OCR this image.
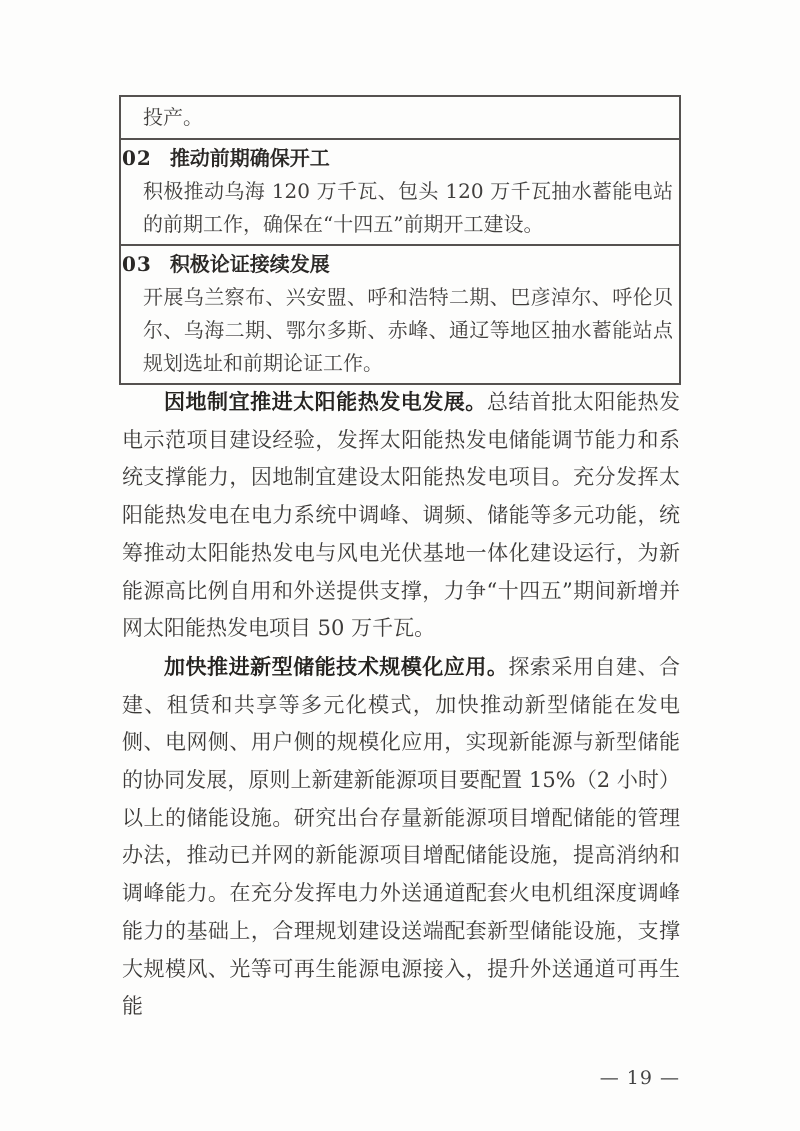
投产。

02 推动前期确保开工

积极推动乌海 120 万千瓦、包头 120 万千瓦抽水蓄能电站的前期工作，确保在“十四五”前期开工建设。

03 积极论证接续发展

开展乌兰察布、兴安盟、呼和浩特二期、巴彦淖尔、呼伦贝尔、乌海二期、鄂尔多斯、赤峰、通辽等地区抽水蓄能站点规划选址和前期论证工作。

因地制宜推进太阳能热发电发展。总结首批太阳能热发电示范项目建设经验，发挥太阳能热发电储能调节能力和系统支撑能力，因地制宜建设太阳能热发电项目。充分发挥太阳能热发电在电力系统中调峰、调频、储能等多元功能，统筹推动太阳能热发电与风电光伏基地一体化建设运行，为新能源高比例自用和外送提供支撑，力争“十四五”期间新增并网太阳能热发电项目 50 万千瓦。

加快推进新型储能技术规模化应用。探索采用自建、合建、租赁和共享等多元化模式，加快推动新型储能在发电侧、电网侧、用户侧的规模化应用，实现新能源与新型储能的协同发展，原则上新建新能源项目要配置 15%（2 小时）以上的储能设施。研究出台存量新能源项目增配储能的管理办法，推动已并网的新能源项目增配储能设施，提高消纳和调峰能力。在充分发挥电力外送通道配套火电机组深度调峰能力的基础上，合理规划建设送端配套新型储能设施，支撑大规模风、光等可再生能源电源接入，提升外送通道可再生能

— 19 —
